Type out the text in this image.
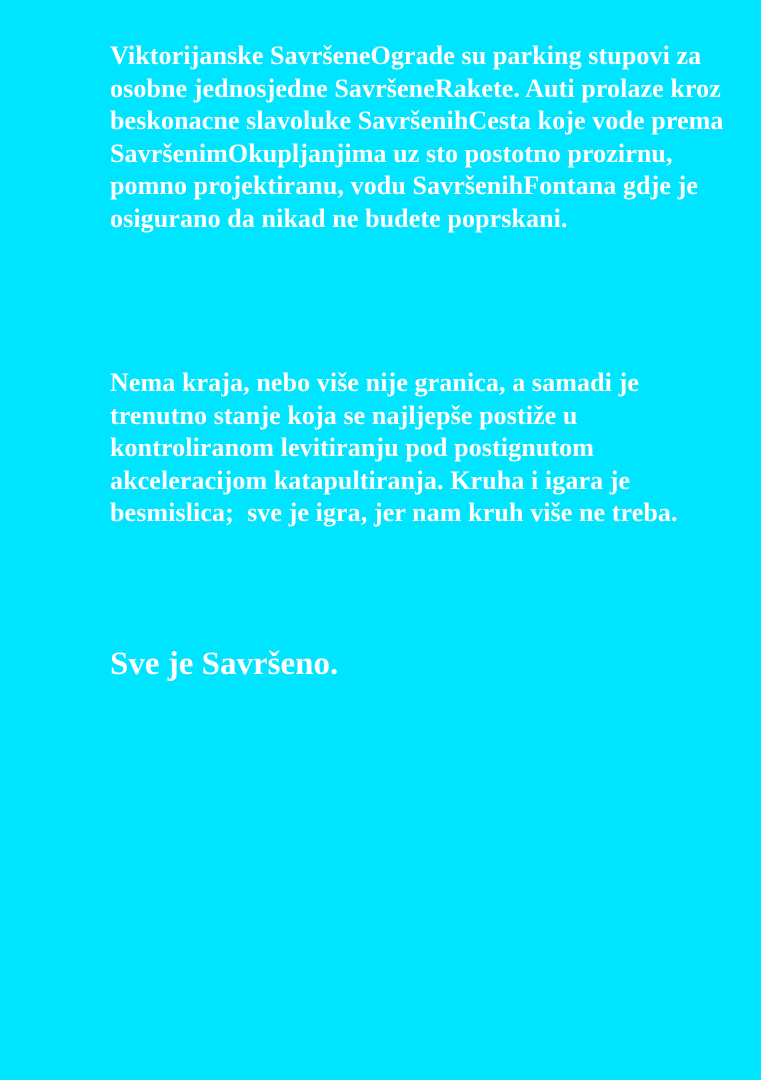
Viktorijanske SavršeneOgrade su parking stupovi za osobne jednosjedne SavršeneRakete. Auti prolaze kroz beskonacne slavoluke SavršenihCesta koje vode prema SavršenimOkupljanjima uz sto postotno prozirnu, pomno projektiranu, vodu SavršenihFontana gdje je osigurano da nikad ne budete poprskani.

Nema kraja, nebo više nije granica, a samadi je trenutno stanje koja se najljepše postiže u kontroliranom levitiranju pod postignutom akceleracijom katapultiranja. Kruha i igara je besmislica;  sve je igra, jer nam kruh više ne treba.

Sve je Savršeno.
